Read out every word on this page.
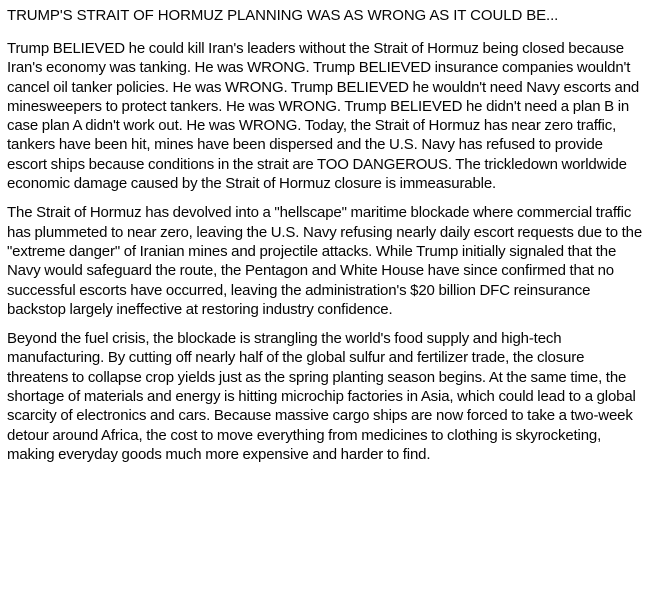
TRUMP'S STRAIT OF HORMUZ PLANNING WAS AS WRONG AS IT COULD BE...

Trump BELIEVED he could kill Iran's leaders without the Strait of Hormuz being closed because Iran's economy was tanking. He was WRONG. Trump BELIEVED insurance companies wouldn't cancel oil tanker policies. He was WRONG. Trump BELIEVED he wouldn't need Navy escorts and minesweepers to protect tankers. He was WRONG. Trump BELIEVED he didn't need a plan B in case plan A didn't work out. He was WRONG. Today, the Strait of Hormuz has near zero traffic, tankers have been hit, mines have been dispersed and the U.S. Navy has refused to provide escort ships because conditions in the strait are TOO DANGEROUS. The trickledown worldwide economic damage caused by the Strait of Hormuz closure is immeasurable.

The Strait of Hormuz has devolved into a "hellscape" maritime blockade where commercial traffic has plummeted to near zero, leaving the U.S. Navy refusing nearly daily escort requests due to the "extreme danger" of Iranian mines and projectile attacks. While Trump initially signaled that the Navy would safeguard the route, the Pentagon and White House have since confirmed that no successful escorts have occurred, leaving the administration's $20 billion DFC reinsurance backstop largely ineffective at restoring industry confidence.

Beyond the fuel crisis, the blockade is strangling the world's food supply and high-tech manufacturing. By cutting off nearly half of the global sulfur and fertilizer trade, the closure threatens to collapse crop yields just as the spring planting season begins. At the same time, the shortage of materials and energy is hitting microchip factories in Asia, which could lead to a global scarcity of electronics and cars. Because massive cargo ships are now forced to take a two-week detour around Africa, the cost to move everything from medicines to clothing is skyrocketing, making everyday goods much more expensive and harder to find.
